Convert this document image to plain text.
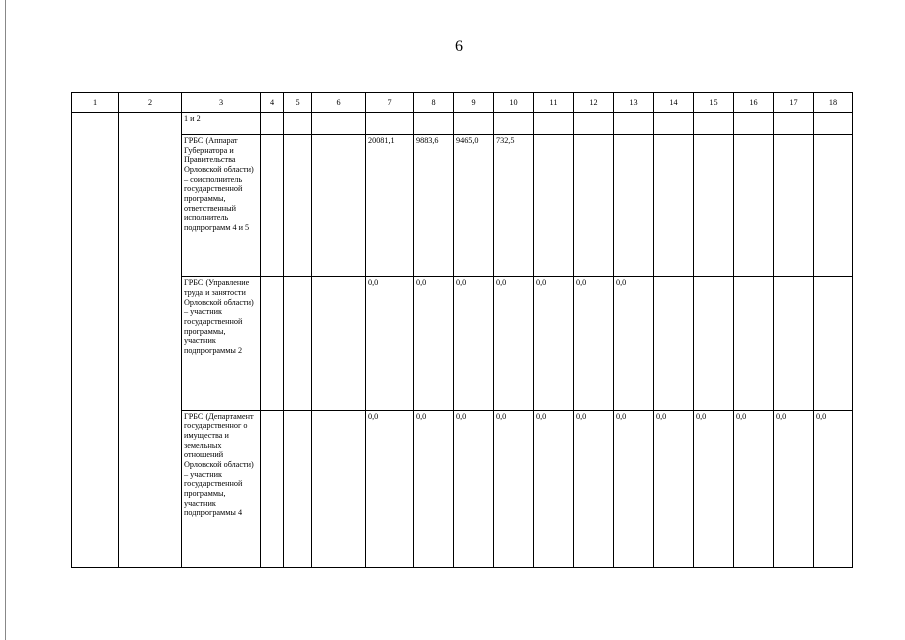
6
1	2	3	4	5	6	7	8	9	10	11	12	13	14	15	16	17	18
		1 и 2															
		ГРБС (Аппарат Губернатора и Правительства Орловской области) – соисполнитель государственной программы, ответственный исполнитель подпрограмм 4 и 5				20081,1	9883,6	9465,0	732,5								
		ГРБС (Управление труда и занятости Орловской области) – участник государственной программы, участник подпрограммы 2				0,0	0,0	0,0	0,0	0,0	0,0	0,0					
		ГРБС (Департамент государственног о имущества и земельных отношений Орловской области) – участник государственной программы, участник подпрограммы 4				0,0	0,0	0,0	0,0	0,0	0,0	0,0	0,0	0,0	0,0	0,0	0,0
